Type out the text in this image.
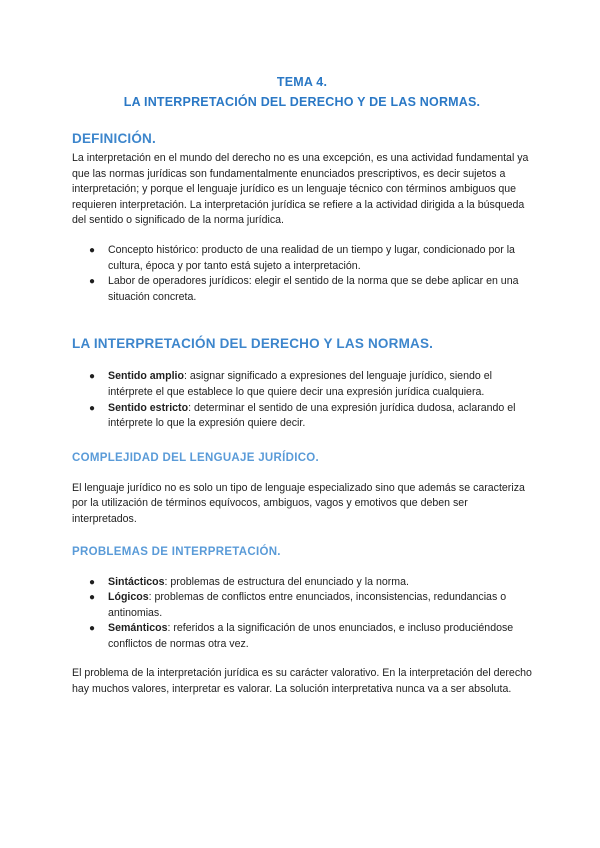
TEMA 4.
LA INTERPRETACIÓN DEL DERECHO Y DE LAS NORMAS.
DEFINICIÓN.

La interpretación en el mundo del derecho no es una excepción, es una actividad fundamental ya que las normas jurídicas son fundamentalmente enunciados prescriptivos, es decir sujetos a interpretación; y porque el lenguaje jurídico es un lenguaje técnico con términos ambiguos que requieren interpretación. La interpretación jurídica se refiere a la actividad dirigida a la búsqueda del sentido o significado de la norma jurídica.

● Concepto histórico: producto de una realidad de un tiempo y lugar, condicionado por la cultura, época y por tanto está sujeto a interpretación.
● Labor de operadores jurídicos: elegir el sentido de la norma que se debe aplicar en una situación concreta.
LA INTERPRETACIÓN DEL DERECHO Y LAS NORMAS.
● Sentido amplio: asignar significado a expresiones del lenguaje jurídico, siendo el intérprete el que establece lo que quiere decir una expresión jurídica cualquiera.
● Sentido estricto: determinar el sentido de una expresión jurídica dudosa, aclarando el intérprete lo que la expresión quiere decir.
COMPLEJIDAD DEL LENGUAJE JURÍDICO.

El lenguaje jurídico no es solo un tipo de lenguaje especializado sino que además se caracteriza por la utilización de términos equívocos, ambiguos, vagos y emotivos que deben ser interpretados.

PROBLEMAS DE INTERPRETACIÓN.
● Sintácticos: problemas de estructura del enunciado y la norma.
● Lógicos: problemas de conflictos entre enunciados, inconsistencias, redundancias o antinomias.
● Semánticos: referidos a la significación de unos enunciados, e incluso produciéndose conflictos de normas otra vez.

El problema de la interpretación jurídica es su carácter valorativo. En la interpretación del derecho hay muchos valores, interpretar es valorar. La solución interpretativa nunca va a ser absoluta.
